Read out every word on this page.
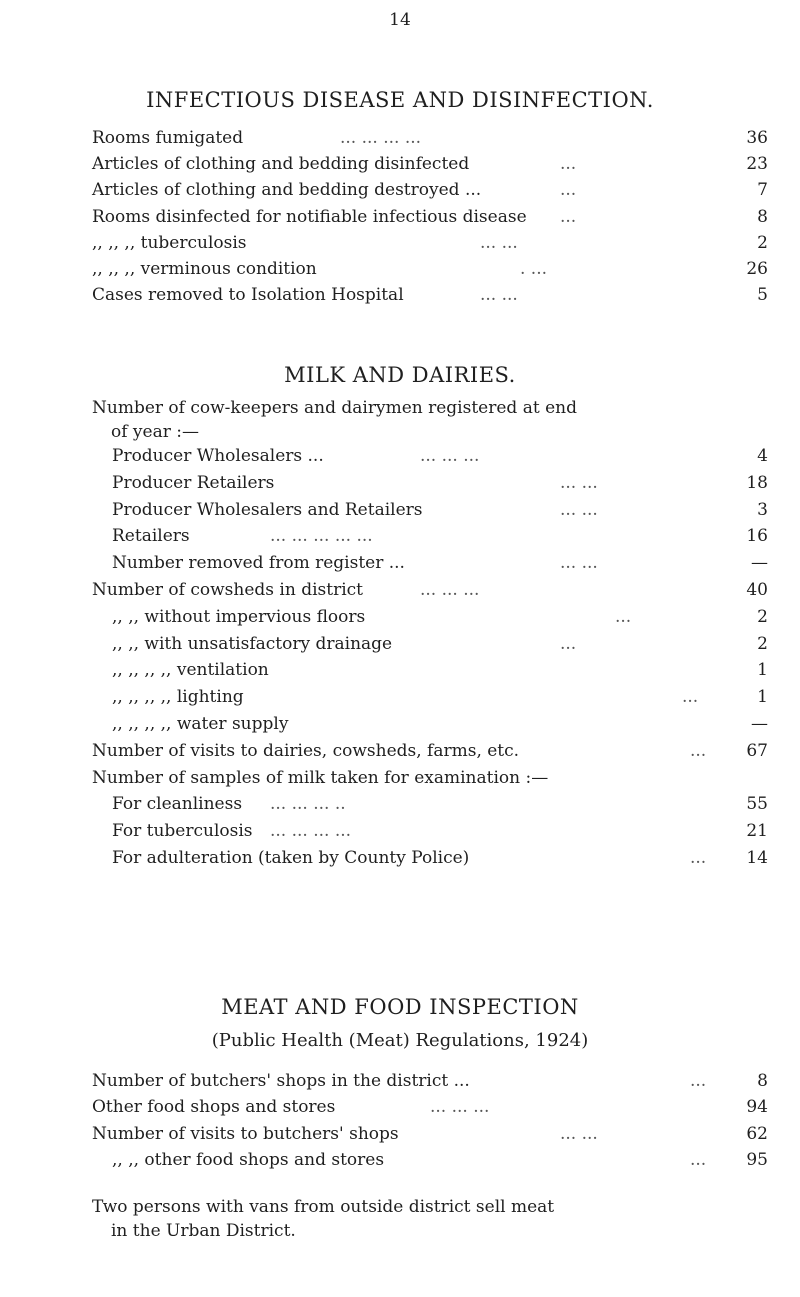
14
INFECTIOUS DISEASE AND DISINFECTION.
Rooms fumigated	... ... ... ...	36
Articles of clothing and bedding disinfected	...	23
Articles of clothing and bedding destroyed ...	...	7
Rooms disinfected for notifiable infectious disease ...	8
,, ,, ,, tuberculosis	... ...	2
,, ,, ,, verminous condition	. ...	26
Cases removed to Isolation Hospital	... ...	5
MILK AND DAIRIES.
Number of cow-keepers and dairymen registered at end
of year :—
Producer Wholesalers ...	... ... ...	4
Producer Retailers	... ...	18
Producer Wholesalers and Retailers	... ...	3
Retailers	... ... ... ... ...	16
Number removed from register ...	... ...	—
Number of cowsheds in district	... ... ...	40
,, ,, without impervious floors	...	2
,, ,, with unsatisfactory drainage	...	2
,, ,, ,, ,, ventilation	1
,, ,, ,, ,, lighting	...	1
,, ,, ,, ,, water supply	—
Number of visits to dairies, cowsheds, farms, etc.	... 67
Number of samples of milk taken for examination :—
For cleanliness ... ... ... ..	55
For tuberculosis ... ... ... ...	21
For adulteration (taken by County Police)	... 14
MEAT AND FOOD INSPECTION
(Public Health (Meat) Regulations, 1924)
Number of butchers' shops in the district ...	...	8
Other food shops and stores	... ... ...	94
Number of visits to butchers' shops	... ...	62
,, ,, other food shops and stores	... 95
Two persons with vans from outside district sell meat
in the Urban District.
